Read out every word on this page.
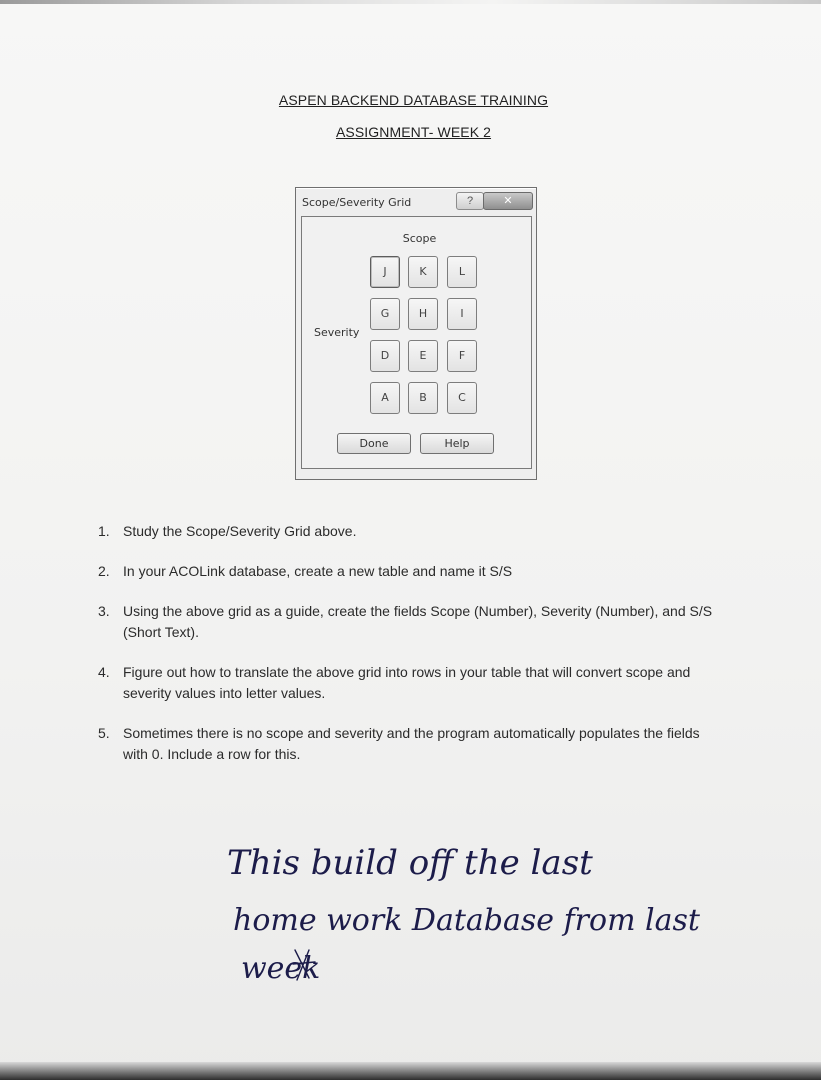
ASPEN BACKEND DATABASE TRAINING
ASSIGNMENT- WEEK 2
Scope/Severity Grid	?	✕
Scope
Severity
J	K	L
G	H	I
D	E	F
A	B	C
Done	Help
1. Study the Scope/Severity Grid above.
2. In your ACOLink database, create a new table and name it S/S
3. Using the above grid as a guide, create the fields Scope (Number), Severity (Number), and S/S (Short Text).
4. Figure out how to translate the above grid into rows in your table that will convert scope and severity values into letter values.
5. Sometimes there is no scope and severity and the program automatically populates the fields with 0. Include a row for this.
This build off the last
home work Database from last
week
